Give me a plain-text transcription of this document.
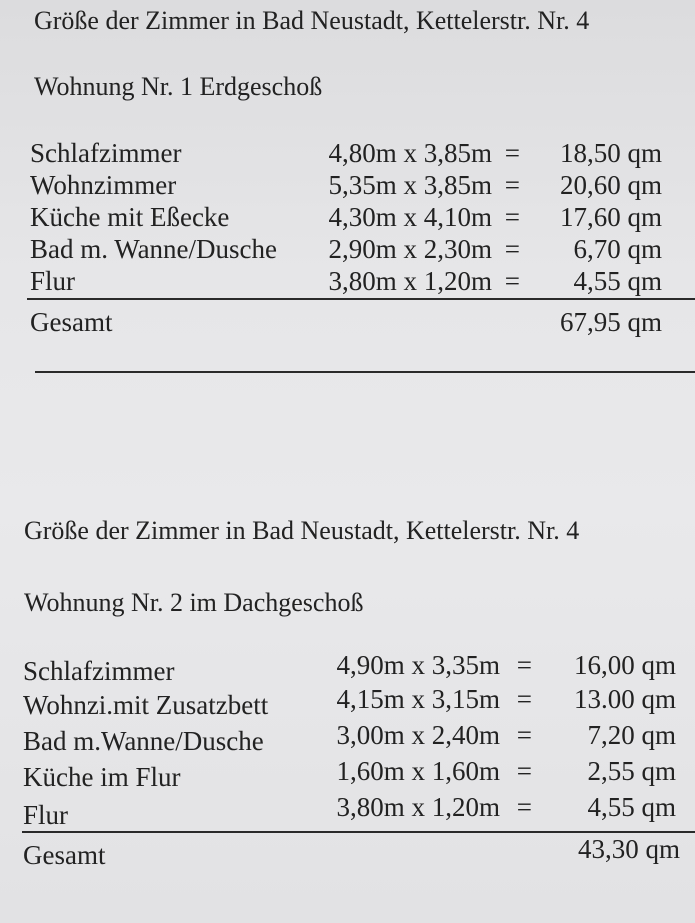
Größe der Zimmer in Bad Neustadt, Kettelerstr. Nr. 4
Wohnung Nr. 1 Erdgeschoß
Schlafzimmer	4,80m x 3,85m =	18,50 qm
Wohnzimmer	5,35m x 3,85m =	20,60 qm
Küche mit Eßecke	4,30m x 4,10m =	17,60 qm
Bad m. Wanne/Dusche	2,90m x 2,30m =	6,70 qm
Flur	3,80m x 1,20m =	4,55 qm
Gesamt	67,95 qm
Größe der Zimmer in Bad Neustadt, Kettelerstr. Nr. 4
Wohnung Nr. 2 im Dachgeschoß
Schlafzimmer	4,90m x 3,35m =	16,00 qm
Wohnzi.mit Zusatzbett	4,15m x 3,15m =	13.00 qm
Bad m.Wanne/Dusche	3,00m x 2,40m =	7,20 qm
Küche im Flur	1,60m x 1,60m =	2,55 qm
Flur	3,80m x 1,20m =	4,55 qm
Gesamt	43,30 qm
